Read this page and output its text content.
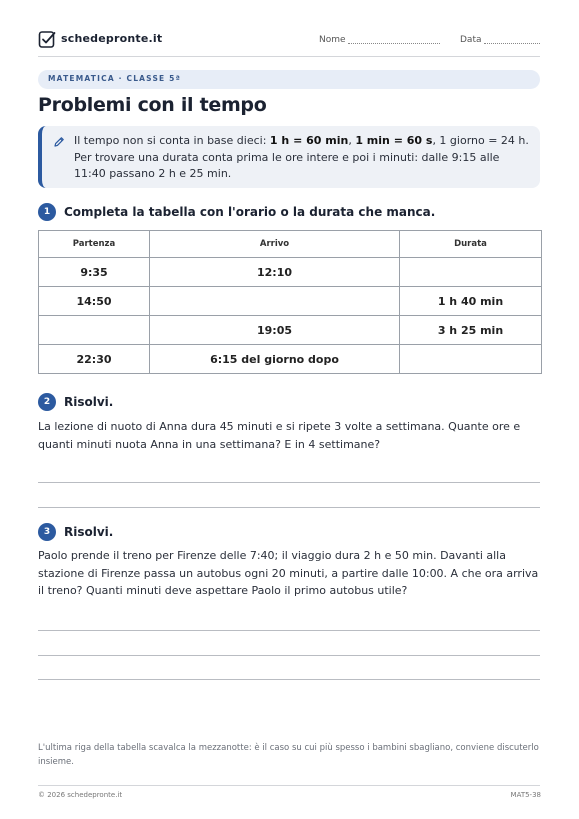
schedepronte.it	Nome	Data
MATEMATICA · CLASSE 5ª
Problemi con il tempo
Il tempo non si conta in base dieci: 1 h = 60 min, 1 min = 60 s, 1 giorno = 24 h. Per trovare una durata conta prima le ore intere e poi i minuti: dalle 9:15 alle 11:40 passano 2 h e 25 min.
1	Completa la tabella con l'orario o la durata che manca.
Partenza	Arrivo	Durata
9:35	12:10	
14:50		1 h 40 min
	19:05	3 h 25 min
22:30	6:15 del giorno dopo	
2	Risolvi.
La lezione di nuoto di Anna dura 45 minuti e si ripete 3 volte a settimana. Quante ore e quanti minuti nuota Anna in una settimana? E in 4 settimane?
3	Risolvi.
Paolo prende il treno per Firenze delle 7:40; il viaggio dura 2 h e 50 min. Davanti alla stazione di Firenze passa un autobus ogni 20 minuti, a partire dalle 10:00. A che ora arriva il treno? Quanti minuti deve aspettare Paolo il primo autobus utile?
L'ultima riga della tabella scavalca la mezzanotte: è il caso su cui più spesso i bambini sbagliano, conviene discuterlo insieme.
© 2026 schedepronte.it	MAT5-38
